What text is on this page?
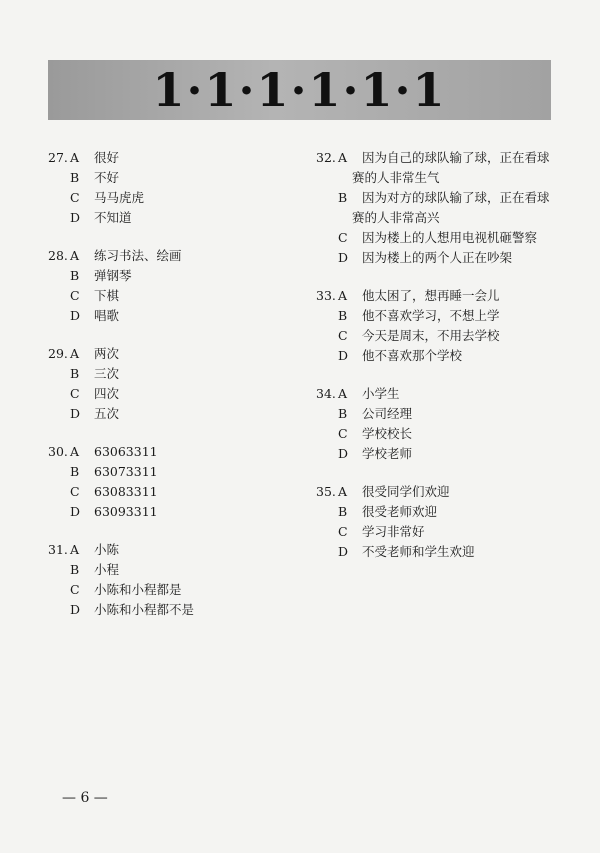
1·1·1·1·1·1
27. A	很好
B	不好
C	马马虎虎
D	不知道
28. A	练习书法、绘画
B	弹钢琴
C	下棋
D	唱歌
29. A	两次
B	三次
C	四次
D	五次
30. A	63063311
B	63073311
C	63083311
D	63093311
31. A	小陈
B	小程
C	小陈和小程都是
D	小陈和小程都不是
32. A	因为自己的球队输了球，正在看球
赛的人非常生气
B	因为对方的球队输了球，正在看球
赛的人非常高兴
C	因为楼上的人想用电视机砸警察
D	因为楼上的两个人正在吵架
33. A	他太困了，想再睡一会儿
B	他不喜欢学习，不想上学
C	今天是周末，不用去学校
D	他不喜欢那个学校
34. A	小学生
B	公司经理
C	学校校长
D	学校老师
35. A	很受同学们欢迎
B	很受老师欢迎
C	学习非常好
D	不受老师和学生欢迎
— 6 —
